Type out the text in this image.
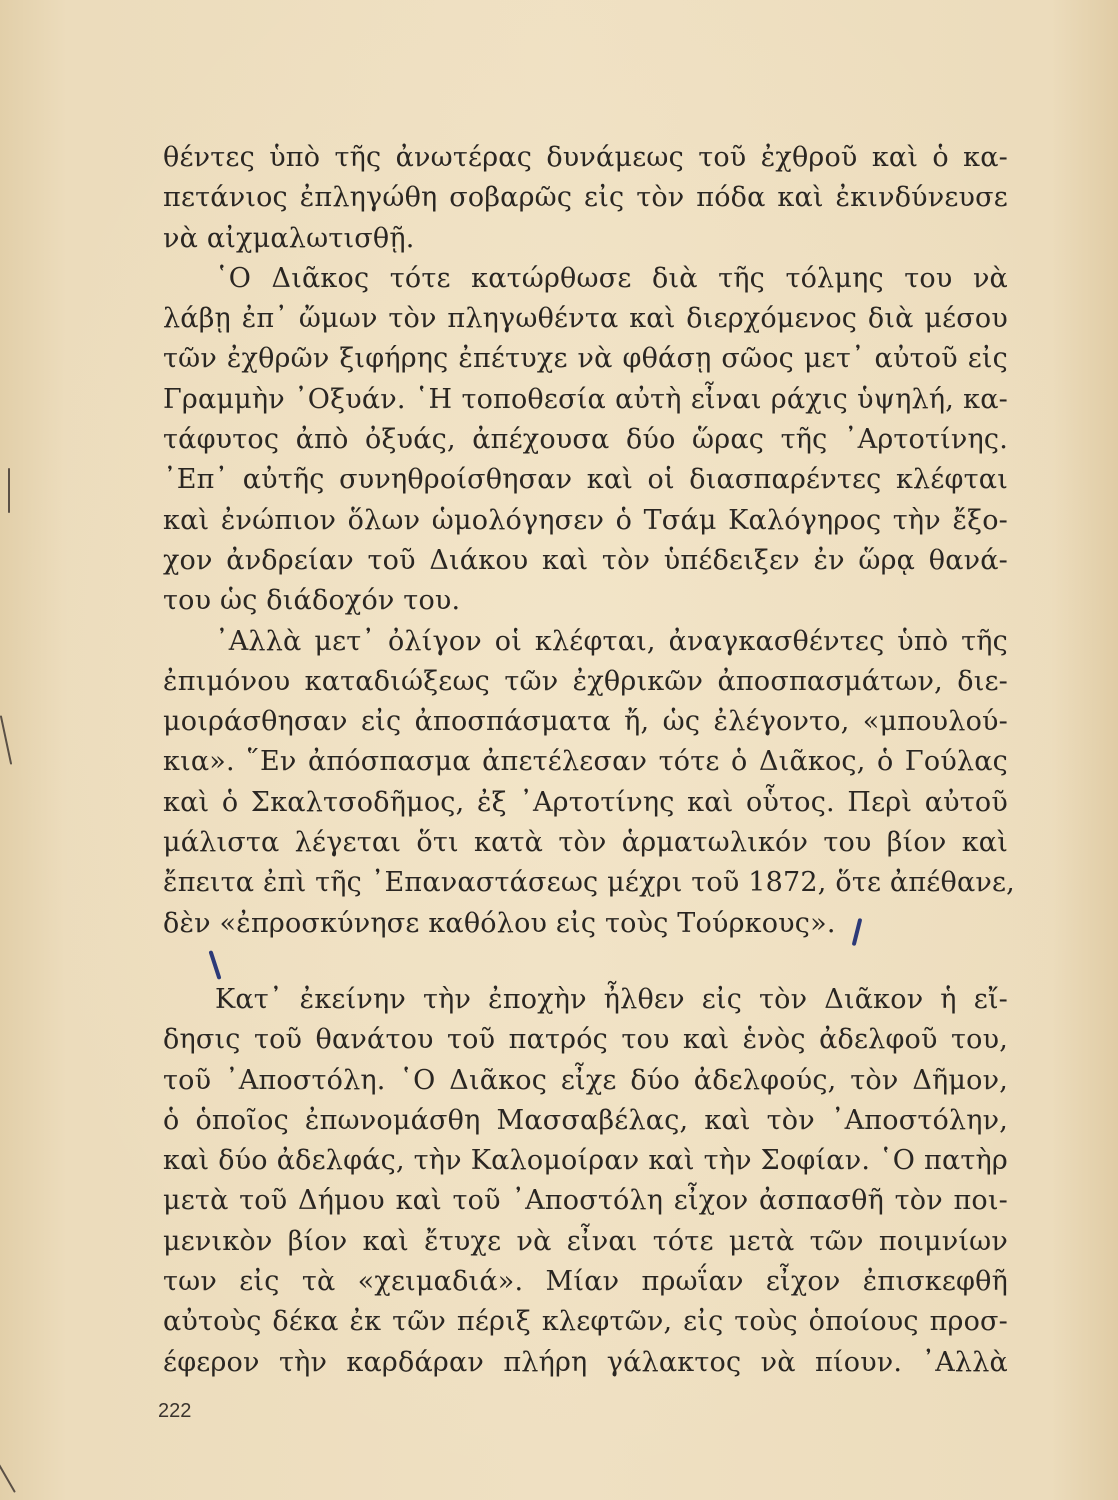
θέντες ὑπὸ τῆς ἀνωτέρας δυνάμεως τοῦ ἐχθροῦ καὶ ὁ κα-
πετάνιος ἐπληγώθη σοβαρῶς εἰς τὸν πόδα καὶ ἐκινδύνευσε
νὰ αἰχμαλωτισθῇ.
῾Ο Διᾶκος τότε κατώρθωσε διὰ τῆς τόλμης του νὰ
λάβῃ ἐπ᾿ ὤμων τὸν πληγωθέντα καὶ διερχόμενος διὰ μέσου
τῶν ἐχθρῶν ξιφήρης ἐπέτυχε νὰ φθάσῃ σῶος μετ᾿ αὐτοῦ εἰς
Γραμμὴν ᾿Οξυάν. ῾Η τοποθεσία αὐτὴ εἶναι ράχις ὑψηλή, κα-
τάφυτος ἀπὸ ὀξυάς, ἀπέχουσα δύο ὥρας τῆς ᾿Αρτοτίνης.
᾿Επ᾿ αὐτῆς συνηθροίσθησαν καὶ οἱ διασπαρέντες κλέφται
καὶ ἐνώπιον ὅλων ὡμολόγησεν ὁ Τσάμ Καλόγηρος τὴν ἔξο-
χον ἀνδρείαν τοῦ Διάκου καὶ τὸν ὑπέδειξεν ἐν ὥρᾳ θανά-
του ὡς διάδοχόν του.
᾿Αλλὰ μετ᾿ ὀλίγον οἱ κλέφται, ἀναγκασθέντες ὑπὸ τῆς
ἐπιμόνου καταδιώξεως τῶν ἐχθρικῶν ἀποσπασμάτων, διε-
μοιράσθησαν εἰς ἀποσπάσματα ἤ, ὡς ἐλέγοντο, «μπουλού-
κια». ῞Εν ἀπόσπασμα ἀπετέλεσαν τότε ὁ Διᾶκος, ὁ Γούλας
καὶ ὁ Σκαλτσοδῆμος, ἐξ ᾿Αρτοτίνης καὶ οὗτος. Περὶ αὐτοῦ
μάλιστα λέγεται ὅτι κατὰ τὸν ἁρματωλικόν του βίον καὶ
ἔπειτα ἐπὶ τῆς ᾿Επαναστάσεως μέχρι τοῦ 1872, ὅτε ἀπέθανε,
δὲν «ἐπροσκύνησε καθόλου εἰς τοὺς Τούρκους».
Κατ᾿ ἐκείνην τὴν ἐποχὴν ἦλθεν εἰς τὸν Διᾶκον ἡ εἴ-
δησις τοῦ θανάτου τοῦ πατρός του καὶ ἑνὸς ἀδελφοῦ του,
τοῦ ᾿Αποστόλη. ῾Ο Διᾶκος εἶχε δύο ἀδελφούς, τὸν Δῆμον,
ὁ ὁποῖος ἐπωνομάσθη Μασσαβέλας, καὶ τὸν ᾿Αποστόλην,
καὶ δύο ἀδελφάς, τὴν Καλομοίραν καὶ τὴν Σοφίαν. ῾Ο πατὴρ
μετὰ τοῦ Δήμου καὶ τοῦ ᾿Αποστόλη εἶχον ἀσπασθῆ τὸν ποι-
μενικὸν βίον καὶ ἔτυχε νὰ εἶναι τότε μετὰ τῶν ποιμνίων
των εἰς τὰ «χειμαδιά». Μίαν πρωΐαν εἶχον ἐπισκεφθῆ
αὐτοὺς δέκα ἐκ τῶν πέριξ κλεφτῶν, εἰς τοὺς ὁποίους προσ-
έφερον τὴν καρδάραν πλήρη γάλακτος νὰ πίουν. ᾿Αλλὰ
222
